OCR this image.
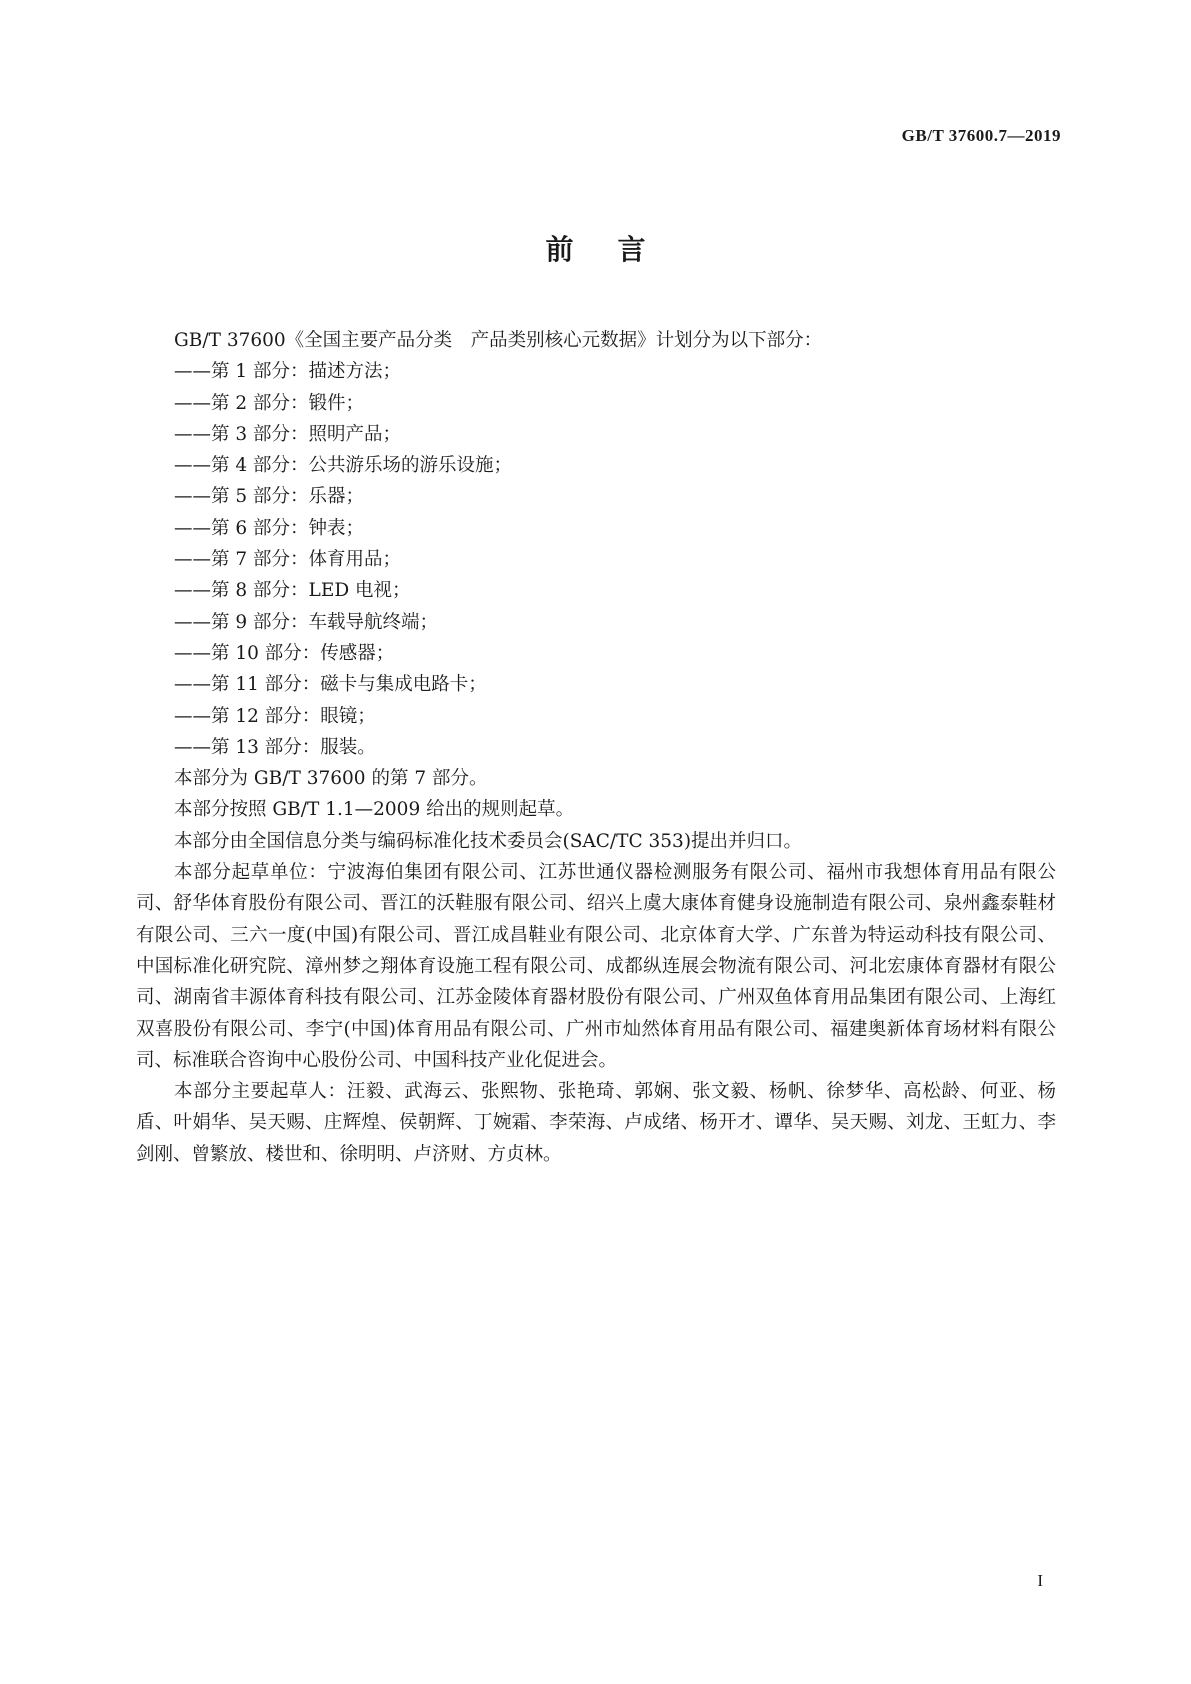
GB/T 37600.7—2019
前言

GB/T 37600《全国主要产品分类　产品类别核心元数据》计划分为以下部分：

——第 1 部分：描述方法；

——第 2 部分：锻件；

——第 3 部分：照明产品；

——第 4 部分：公共游乐场的游乐设施；

——第 5 部分：乐器；

——第 6 部分：钟表；

——第 7 部分：体育用品；

——第 8 部分：LED 电视；

——第 9 部分：车载导航终端；

——第 10 部分：传感器；

——第 11 部分：磁卡与集成电路卡；

——第 12 部分：眼镜；

——第 13 部分：服装。

本部分为 GB/T 37600 的第 7 部分。

本部分按照 GB/T 1.1—2009 给出的规则起草。

本部分由全国信息分类与编码标准化技术委员会(SAC/TC 353)提出并归口。

本部分起草单位：宁波海伯集团有限公司、江苏世通仪器检测服务有限公司、福州市我想体育用品有限公司、舒华体育股份有限公司、晋江的沃鞋服有限公司、绍兴上虞大康体育健身设施制造有限公司、泉州鑫泰鞋材有限公司、三六一度(中国)有限公司、晋江成昌鞋业有限公司、北京体育大学、广东普为特运动科技有限公司、中国标准化研究院、漳州梦之翔体育设施工程有限公司、成都纵连展会物流有限公司、河北宏康体育器材有限公司、湖南省丰源体育科技有限公司、江苏金陵体育器材股份有限公司、广州双鱼体育用品集团有限公司、上海红双喜股份有限公司、李宁(中国)体育用品有限公司、广州市灿然体育用品有限公司、福建奥新体育场材料有限公司、标准联合咨询中心股份公司、中国科技产业化促进会。

本部分主要起草人：汪毅、武海云、张熙物、张艳琦、郭娴、张文毅、杨帆、徐梦华、高松龄、何亚、杨盾、叶娟华、吴天赐、庄辉煌、侯朝辉、丁婉霜、李荣海、卢成绪、杨开才、谭华、吴天赐、刘龙、王虹力、李剑刚、曾繁放、楼世和、徐明明、卢济财、方贞林。

I
